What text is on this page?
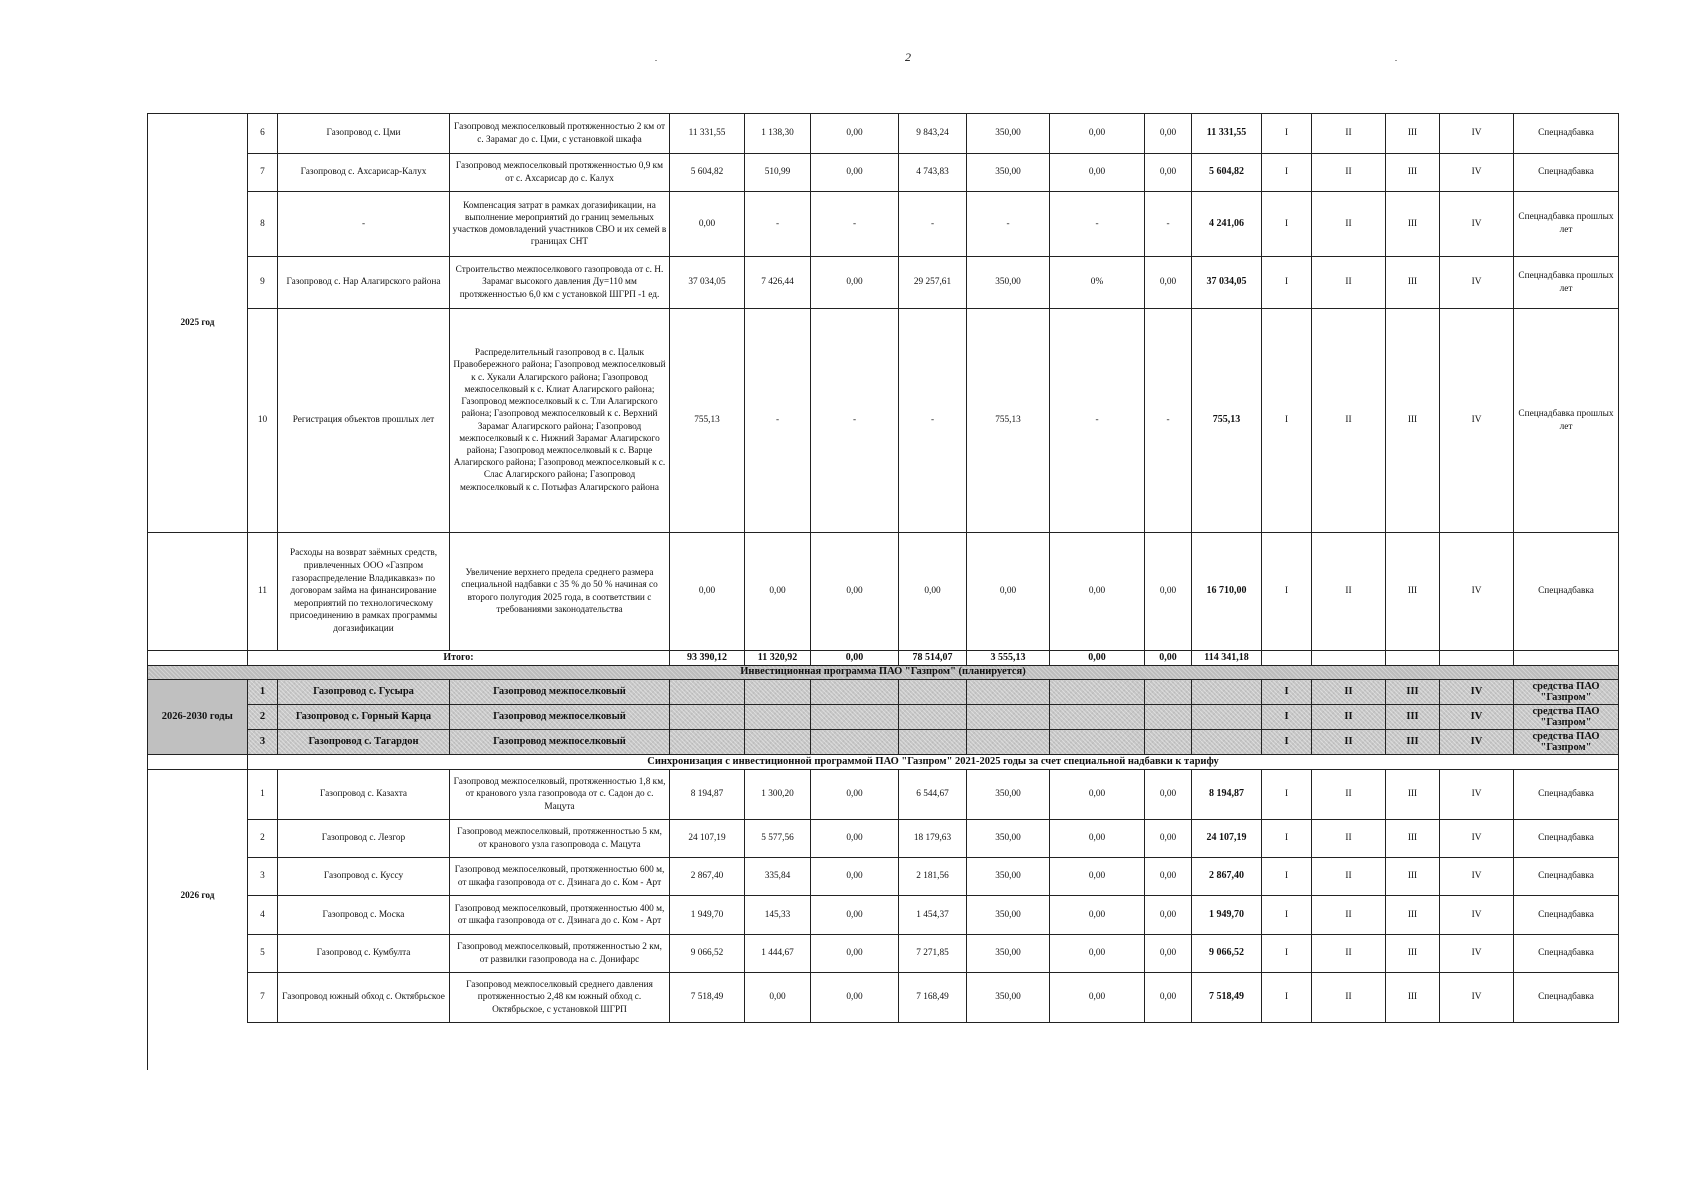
2
2025 год	6	Газопровод с. Цми	Газопровод межпоселковый протяженностью 2 км от с. Зарамаг до с. Цми, с установкой шкафа	11 331,55	1 138,30	0,00	9 843,24	350,00	0,00	0,00	11 331,55	I	II	III	IV	Спецнадбавка
	7	Газопровод с. Ахсарисар-Калух	Газопровод межпоселковый протяженностью 0,9 км от с. Ахсарисар до с. Калух	5 604,82	510,99	0,00	4 743,83	350,00	0,00	0,00	5 604,82	I	II	III	IV	Спецнадбавка
	8	-	Компенсация затрат в рамках догазификации, на выполнение мероприятий до границ земельных участков домовладений участников СВО и их семей в границах СНТ	0,00	-	-	-	-	-	-	4 241,06	I	II	III	IV	Спецнадбавка прошлых лет
	9	Газопровод с. Нар Алагирского района	Строительство межпоселкового газопровода от с. Н. Зарамаг высокого давления Ду=110 мм протяженностью 6,0 км с установкой ШГРП -1 ед.	37 034,05	7 426,44	0,00	29 257,61	350,00	0%	0,00	37 034,05	I	II	III	IV	Спецнадбавка прошлых лет
	10	Регистрация объектов прошлых лет	Распределительный газопровод в с. Цалык Правобережного района; Газопровод межпоселковый к с. Хукали Алагирского района; Газопровод межпоселковый к с. Клиат Алагирского района; Газопровод межпоселковый к с. Тли Алагирского района; Газопровод межпоселковый к с. Верхний Зарамаг Алагирского района; Газопровод межпоселковый к с. Нижний Зарамаг Алагирского района; Газопровод межпоселковый к с. Варце Алагирского района; Газопровод межпоселковый к с. Слас Алагирского района; Газопровод межпоселковый к с. Потыфаз Алагирского района	755,13	-	-	-	755,13	-	-	755,13	I	II	III	IV	Спецнадбавка прошлых лет
	11	Расходы на возврат заёмных средств, привлеченных ООО «Газпром газораспределение Владикавказ» по договорам займа на финансирование мероприятий по технологическому присоединению в рамках программы догазификации	Увеличение верхнего предела среднего размера специальной надбавки с 35 % до 50 % начиная со второго полугодия 2025 года, в соответствии с требованиями законодательства	0,00	0,00	0,00	0,00	0,00	0,00	0,00	16 710,00	I	II	III	IV	Спецнадбавка
	Итого:			93 390,12	11 320,92	0,00	78 514,07	3 555,13	0,00	0,00	114 341,18					
Инвестиционная программа ПАО "Газпром" (планируется)																
2026-2030 годы	1	Газопровод с. Гусыра	Газопровод межпоселковый									I	II	III	IV	средства ПАО "Газпром"
	2	Газопровод с. Горный Карца	Газопровод межпоселковый									I	II	III	IV	средства ПАО "Газпром"
	3	Газопровод с. Тагардон	Газопровод межпоселковый									I	II	III	IV	средства ПАО "Газпром"
	Синхронизация с инвестиционной программой ПАО "Газпром" 2021-2025 годы за счет специальной надбавки к тарифу															
2026 год	1	Газопровод с. Казахта	Газопровод межпоселковый, протяженностью 1,8 км, от кранового узла газопровода от с. Садон до с. Мацута	8 194,87	1 300,20	0,00	6 544,67	350,00	0,00	0,00	8 194,87	I	II	III	IV	Спецнадбавка
	2	Газопровод с. Лезгор	Газопровод межпоселковый, протяженностью 5 км, от кранового узла газопровода с. Мацута	24 107,19	5 577,56	0,00	18 179,63	350,00	0,00	0,00	24 107,19	I	II	III	IV	Спецнадбавка
	3	Газопровод с. Куссу	Газопровод межпоселковый, протяженностью 600 м, от шкафа газопровода от с. Дзинага до с. Ком - Арт	2 867,40	335,84	0,00	2 181,56	350,00	0,00	0,00	2 867,40	I	II	III	IV	Спецнадбавка
	4	Газопровод с. Моска	Газопровод межпоселковый, протяженностью 400 м, от шкафа газопровода от с. Дзинага до с. Ком - Арт	1 949,70	145,33	0,00	1 454,37	350,00	0,00	0,00	1 949,70	I	II	III	IV	Спецнадбавка
	5	Газопровод с. Кумбулта	Газопровод межпоселковый, протяженностью 2 км, от развилки газопровода на с. Донифарс	9 066,52	1 444,67	0,00	7 271,85	350,00	0,00	0,00	9 066,52	I	II	III	IV	Спецнадбавка
	7	Газопровод южный обход с. Октябрьское	Газопровод межпоселковый среднего давления протяженностью 2,48 км южный обход с. Октябрьское, с установкой ШГРП	7 518,49	0,00	0,00	7 168,49	350,00	0,00	0,00	7 518,49	I	II	III	IV	Спецнадбавка
